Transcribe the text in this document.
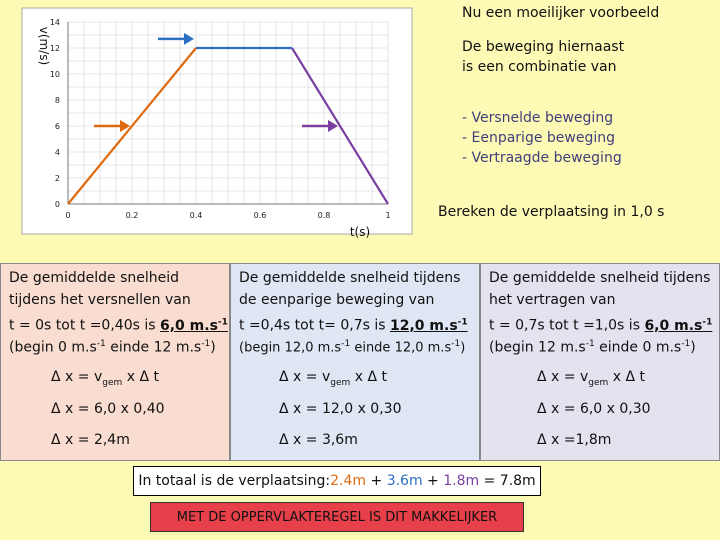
0	0.2	0.4	0.6	0.8	1
0
2
4
6
8
10
12
14
t(s)
v(m/s)
Nu een moeilijker voorbeeld
De beweging hiernaast
is een combinatie van
- Versnelde beweging
- Eenparige beweging
- Vertraagde beweging
Bereken de verplaatsing in 1,0 s
De gemiddelde snelheid
tijdens het versnellen van
t = 0s tot t =0,40s is 6,0 $m.s^{-1}$
(begin 0 $m.s^{-1}$ einde 12 $m.s^{-1}$)
Δ $x = v_{gem}$ x Δ t
Δ x = 6,0 x 0,40
Δ x = 2,4m
De gemiddelde snelheid tijdens
de eenparige beweging van
t =0,4s tot t= 0,7s is 12,0 $m.s^{-1}$
(begin 12,0 $m.s^{-1}$ einde 12,0 $m.s^{-1}$)
Δ $x = v_{gem}$ x Δ t
Δ x = 12,0 x 0,30
Δ x = 3,6m
De gemiddelde snelheid tijdens
het vertragen van
t = 0,7s tot t =1,0s is 6,0 $m.s^{-1}$
(begin 12 $m.s^{-1}$ einde 0 $m.s^{-1}$)
Δ $x = v_{gem}$ x Δ t
Δ x = 6,0 x 0,30
Δ x =1,8m
In totaal is de verplaatsing: 2.4m + 3.6m + 1.8m = 7.8m
MET DE OPPERVLAKTEREGEL IS DIT MAKKELIJKER
